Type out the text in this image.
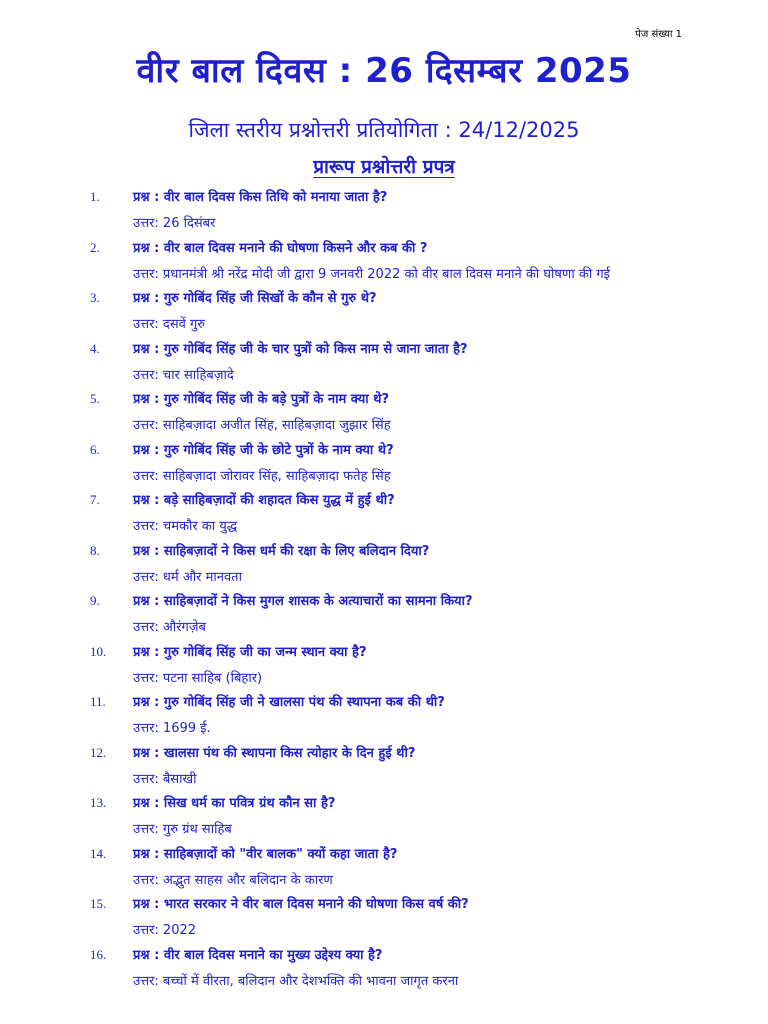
पेज संख्या 1
वीर बाल दिवस : 26 दिसम्बर 2025
जिला स्तरीय प्रश्नोत्तरी प्रतियोगिता : 24/12/2025
प्रारूप प्रश्नोत्तरी प्रपत्र
1.	प्रश्न : वीर बाल दिवस किस तिथि को मनाया जाता है?
उत्तर: 26 दिसंबर
2.	प्रश्न : वीर बाल दिवस मनाने की घोषणा किसने और कब की ?
उत्तर: प्रधानमंत्री श्री नरेंद्र मोदी जी द्वारा 9 जनवरी 2022 को वीर बाल दिवस मनाने की घोषणा की गई
3.	प्रश्न : गुरु गोबिंद सिंह जी सिखों के कौन से गुरु थे?
उत्तर: दसवें गुरु
4.	प्रश्न : गुरु गोबिंद सिंह जी के चार पुत्रों को किस नाम से जाना जाता है?
उत्तर: चार साहिबज़ादे
5.	प्रश्न : गुरु गोबिंद सिंह जी के बड़े पुत्रों के नाम क्या थे?
उत्तर: साहिबज़ादा अजीत सिंह, साहिबज़ादा जुझार सिंह
6.	प्रश्न : गुरु गोबिंद सिंह जी के छोटे पुत्रों के नाम क्या थे?
उत्तर: साहिबज़ादा जोरावर सिंह, साहिबज़ादा फतेह सिंह
7.	प्रश्न : बड़े साहिबज़ादों की शहादत किस युद्ध में हुई थी?
उत्तर: चमकौर का युद्ध
8.	प्रश्न : साहिबज़ादों ने किस धर्म की रक्षा के लिए बलिदान दिया?
उत्तर: धर्म और मानवता
9.	प्रश्न : साहिबज़ादों ने किस मुगल शासक के अत्याचारों का सामना किया?
उत्तर: औरंगज़ेब
10. प्रश्न : गुरु गोबिंद सिंह जी का जन्म स्थान क्या है?
उत्तर: पटना साहिब (बिहार)
11. प्रश्न : गुरु गोबिंद सिंह जी ने खालसा पंथ की स्थापना कब की थी?
उत्तर: 1699 ई.
12. प्रश्न : खालसा पंथ की स्थापना किस त्योहार के दिन हुई थी?
उत्तर: बैसाखी
13. प्रश्न : सिख धर्म का पवित्र ग्रंथ कौन सा है?
उत्तर: गुरु ग्रंथ साहिब
14. प्रश्न : साहिबज़ादों को "वीर बालक" क्यों कहा जाता है?
उत्तर: अद्भुत साहस और बलिदान के कारण
15. प्रश्न : भारत सरकार ने वीर बाल दिवस मनाने की घोषणा किस वर्ष की?
उत्तर: 2022
16. प्रश्न : वीर बाल दिवस मनाने का मुख्य उद्देश्य क्या है?
उत्तर: बच्चों में वीरता, बलिदान और देशभक्ति की भावना जागृत करना
